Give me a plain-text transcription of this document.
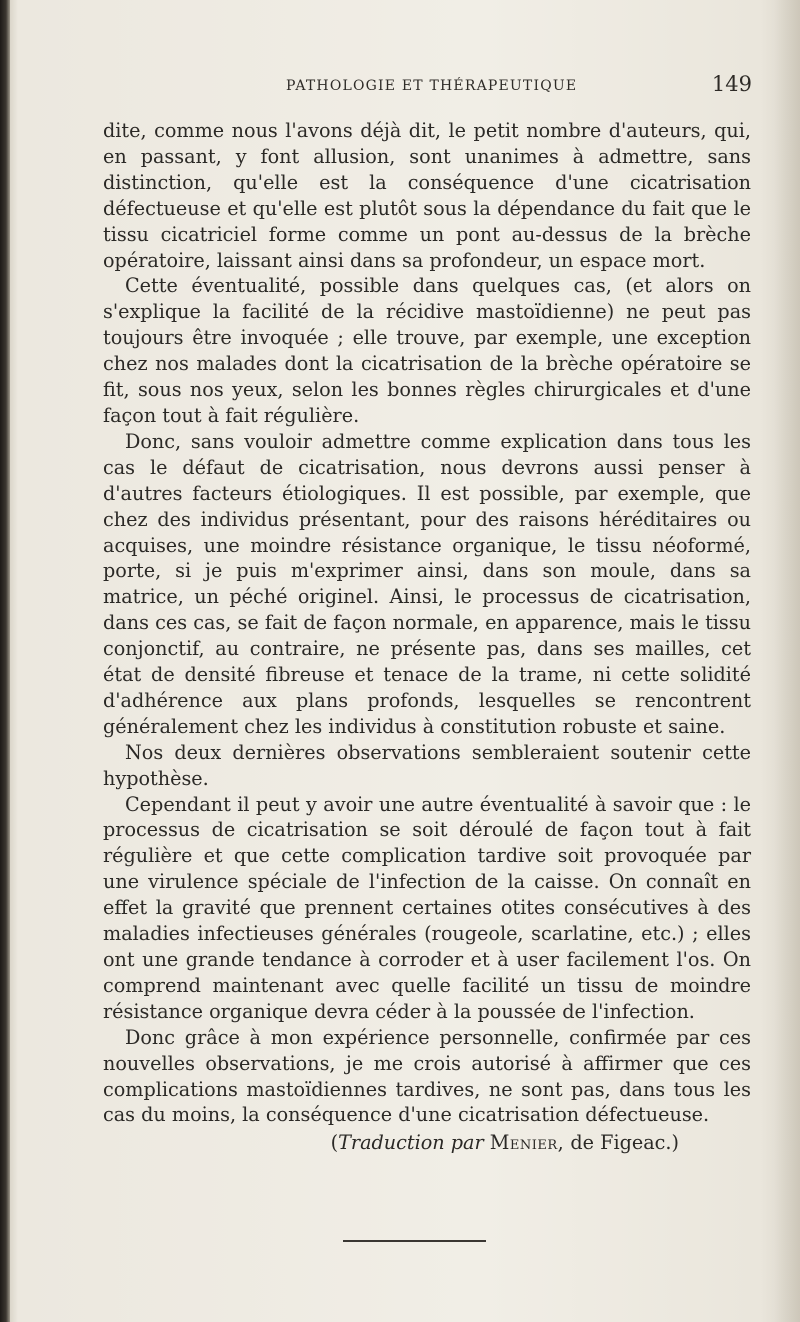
PATHOLOGIE ET THÉRAPEUTIQUE	149

dite, comme nous l'avons déjà dit, le petit nombre d'auteurs, qui, en passant, y font allusion, sont unanimes à admettre, sans distinction, qu'elle est la conséquence d'une cicatrisation défectueuse et qu'elle est plutôt sous la dépendance du fait que le tissu cicatriciel forme comme un pont au-dessus de la brèche opératoire, laissant ainsi dans sa profondeur, un espace mort.

Cette éventualité, possible dans quelques cas, (et alors on s'explique la facilité de la récidive mastoïdienne) ne peut pas toujours être invoquée ; elle trouve, par exemple, une exception chez nos malades dont la cicatrisation de la brèche opératoire se fit, sous nos yeux, selon les bonnes règles chirurgicales et d'une façon tout à fait régulière.

Donc, sans vouloir admettre comme explication dans tous les cas le défaut de cicatrisation, nous devrons aussi penser à d'autres facteurs étiologiques. Il est possible, par exemple, que chez des individus présentant, pour des raisons héréditaires ou acquises, une moindre résistance organique, le tissu néoformé, porte, si je puis m'exprimer ainsi, dans son moule, dans sa matrice, un péché originel. Ainsi, le processus de cicatrisation, dans ces cas, se fait de façon normale, en apparence, mais le tissu conjonctif, au contraire, ne présente pas, dans ses mailles, cet état de densité fibreuse et tenace de la trame, ni cette solidité d'adhérence aux plans profonds, lesquelles se rencontrent généralement chez les individus à constitution robuste et saine.

Nos deux dernières observations sembleraient soutenir cette hypothèse.

Cependant il peut y avoir une autre éventualité à savoir que : le processus de cicatrisation se soit déroulé de façon tout à fait régulière et que cette complication tardive soit provoquée par une virulence spéciale de l'infection de la caisse. On connaît en effet la gravité que prennent certaines otites consécutives à des maladies infectieuses générales (rougeole, scarlatine, etc.) ; elles ont une grande tendance à corroder et à user facilement l'os. On comprend maintenant avec quelle facilité un tissu de moindre résistance organique devra céder à la poussée de l'infection.

Donc grâce à mon expérience personnelle, confirmée par ces nouvelles observations, je me crois autorisé à affirmer que ces complications mastoïdiennes tardives, ne sont pas, dans tous les cas du moins, la conséquence d'une cicatrisation défectueuse.

(Traduction par Menier, de Figeac.)
